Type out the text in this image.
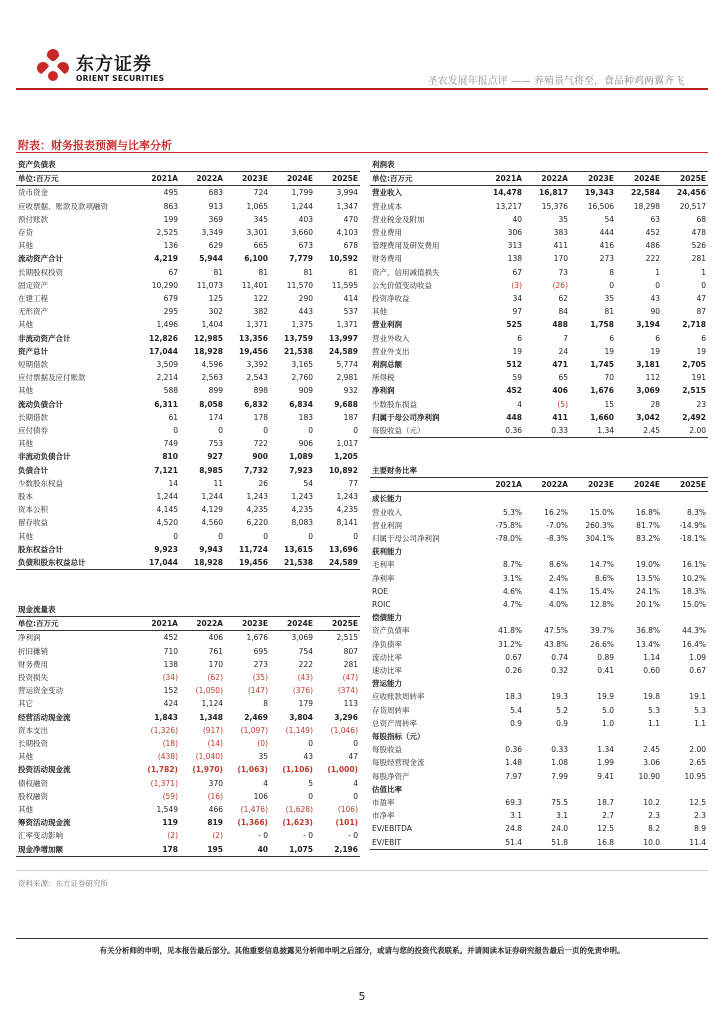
东方证券
ORIENT SECURITIES	圣农发展年报点评 —— 养殖景气将至，食品种鸡两翼齐飞
附表：财务报表预测与比率分析
资产负债表					
单位:百万元	2021A	2022A	2023E	2024E	2025E
货币资金	495	683	724	1,799	3,994
应收票据、账款及款项融资	863	913	1,065	1,244	1,347
预付账款	199	369	345	403	470
存货	2,525	3,349	3,301	3,660	4,103
其他	136	629	665	673	678
流动资产合计	4,219	5,944	6,100	7,779	10,592
长期股权投资	67	81	81	81	81
固定资产	10,290	11,073	11,401	11,570	11,595
在建工程	679	125	122	290	414
无形资产	295	302	382	443	537
其他	1,496	1,404	1,371	1,375	1,371
非流动资产合计	12,826	12,985	13,356	13,759	13,997
资产总计	17,044	18,928	19,456	21,538	24,589
短期借款	3,509	4,596	3,392	3,165	5,774
应付票据及应付账款	2,214	2,563	2,543	2,760	2,981
其他	588	899	898	909	932
流动负债合计	6,311	8,058	6,832	6,834	9,688
长期借款	61	174	178	183	187
应付债券	0	0	0	0	0
其他	749	753	722	906	1,017
非流动负债合计	810	927	900	1,089	1,205
负债合计	7,121	8,985	7,732	7,923	10,892
少数股东权益	14	11	26	54	77
股本	1,244	1,244	1,243	1,243	1,243
资本公积	4,145	4,129	4,235	4,235	4,235
留存收益	4,520	4,560	6,220	8,083	8,141
其他	0	0	0	0	0
股东权益合计	9,923	9,943	11,724	13,615	13,696
负债和股东权益总计	17,044	18,928	19,456	21,538	24,589
现金流量表					
单位:百万元	2021A	2022A	2023E	2024E	2025E
净利润	452	406	1,676	3,069	2,515
折旧摊销	710	761	695	754	807
财务费用	138	170	273	222	281
投资损失	(34)	(62)	(35)	(43)	(47)
营运资金变动	152	(1,050)	(147)	(376)	(374)
其它	424	1,124	8	179	113
经营活动现金流	1,843	1,348	2,469	3,804	3,296
资本支出	(1,326)	(917)	(1,097)	(1,149)	(1,046)
长期投资	(18)	(14)	(0)	0	0
其他	(438)	(1,040)	35	43	47
投资活动现金流	(1,782)	(1,970)	(1,063)	(1,106)	(1,000)
债权融资	(1,371)	370	4	5	4
股权融资	(59)	(16)	106	0	0
其他	1,549	466	(1,476)	(1,628)	(106)
筹资活动现金流	119	819	(1,366)	(1,623)	(101)
汇率变动影响	(2)	(2)	- 0	- 0	- 0
现金净增加额	178	195	40	1,075	2,196
利润表					
单位:百万元	2021A	2022A	2023E	2024E	2025E
营业收入	14,478	16,817	19,343	22,584	24,456
营业成本	13,217	15,376	16,506	18,298	20,517
营业税金及附加	40	35	54	63	68
营业费用	306	383	444	452	478
管理费用及研发费用	313	411	416	486	526
财务费用	138	170	273	222	281
资产、信用减值损失	67	73	8	1	1
公允价值变动收益	(3)	(26)	0	0	0
投资净收益	34	62	35	43	47
其他	97	84	81	90	87
营业利润	525	488	1,758	3,194	2,718
营业外收入	6	7	6	6	6
营业外支出	19	24	19	19	19
利润总额	512	471	1,745	3,181	2,705
所得税	59	65	70	112	191
净利润	452	406	1,676	3,069	2,515
少数股东损益	4	(5)	15	28	23
归属于母公司净利润	448	411	1,660	3,042	2,492
每股收益（元）	0.36	0.33	1.34	2.45	2.00
主要财务比率					
	2021A	2022A	2023E	2024E	2025E
成长能力					
营业收入	5.3%	16.2%	15.0%	16.8%	8.3%
营业利润	-75.8%	-7.0%	260.3%	81.7%	-14.9%
归属于母公司净利润	-78.0%	-8.3%	304.1%	83.2%	-18.1%
获利能力					
毛利率	8.7%	8.6%	14.7%	19.0%	16.1%
净利率	3.1%	2.4%	8.6%	13.5%	10.2%
ROE	4.6%	4.1%	15.4%	24.1%	18.3%
ROIC	4.7%	4.0%	12.8%	20.1%	15.0%
偿债能力					
资产负债率	41.8%	47.5%	39.7%	36.8%	44.3%
净负债率	31.2%	43.8%	26.6%	13.4%	16.4%
流动比率	0.67	0.74	0.89	1.14	1.09
速动比率	0.26	0.32	0.41	0.60	0.67
营运能力					
应收账款周转率	18.3	19.3	19.9	19.8	19.1
存货周转率	5.4	5.2	5.0	5.3	5.3
总资产周转率	0.9	0.9	1.0	1.1	1.1
每股指标（元）					
每股收益	0.36	0.33	1.34	2.45	2.00
每股经营现金流	1.48	1.08	1.99	3.06	2.65
每股净资产	7.97	7.99	9.41	10.90	10.95
估值比率					
市盈率	69.3	75.5	18.7	10.2	12.5
市净率	3.1	3.1	2.7	2.3	2.3
EV/EBITDA	24.8	24.0	12.5	8.2	8.9
EV/EBIT	51.4	51.8	16.8	10.0	11.4
资料来源：东方证券研究所
有关分析师的申明，见本报告最后部分。其他重要信息披露见分析师申明之后部分，或请与您的投资代表联系。并请阅读本证券研究报告最后一页的免责申明。
5
